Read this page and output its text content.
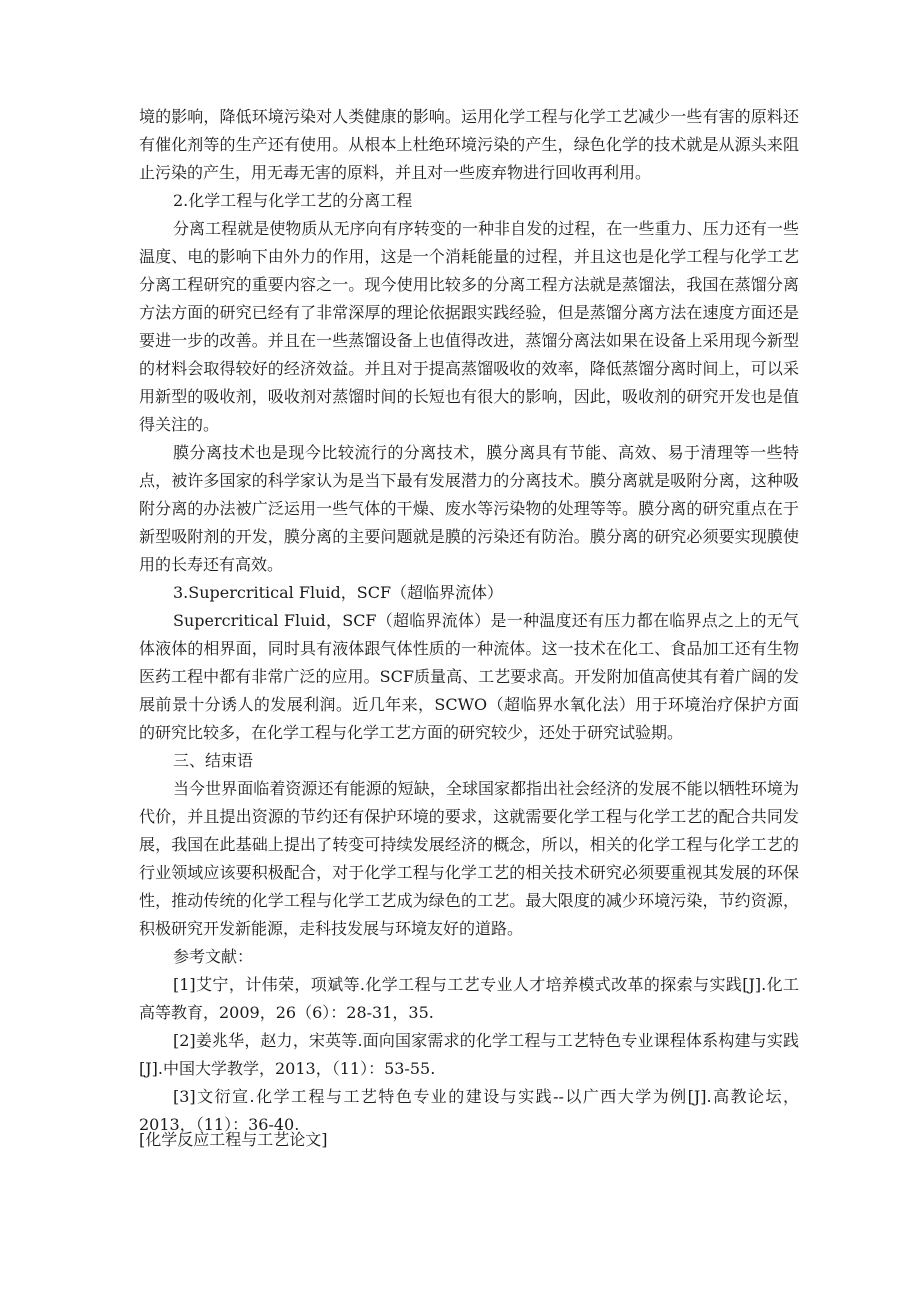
境的影响，降低环境污染对人类健康的影响。运用化学工程与化学工艺减少一些有害的原料还有催化剂等的生产还有使用。从根本上杜绝环境污染的产生，绿色化学的技术就是从源头来阻止污染的产生，用无毒无害的原料，并且对一些废弃物进行回收再利用。

2.化学工程与化学工艺的分离工程

分离工程就是使物质从无序向有序转变的一种非自发的过程，在一些重力、压力还有一些温度、电的影响下由外力的作用，这是一个消耗能量的过程，并且这也是化学工程与化学工艺分离工程研究的重要内容之一。现今使用比较多的分离工程方法就是蒸馏法，我国在蒸馏分离方法方面的研究已经有了非常深厚的理论依据跟实践经验，但是蒸馏分离方法在速度方面还是要进一步的改善。并且在一些蒸馏设备上也值得改进，蒸馏分离法如果在设备上采用现今新型的材料会取得较好的经济效益。并且对于提高蒸馏吸收的效率，降低蒸馏分离时间上，可以采用新型的吸收剂，吸收剂对蒸馏时间的长短也有很大的影响，因此，吸收剂的研究开发也是值得关注的。

膜分离技术也是现今比较流行的分离技术，膜分离具有节能、高效、易于清理等一些特点，被许多国家的科学家认为是当下最有发展潜力的分离技术。膜分离就是吸附分离，这种吸附分离的办法被广泛运用一些气体的干燥、废水等污染物的处理等等。膜分离的研究重点在于新型吸附剂的开发，膜分离的主要问题就是膜的污染还有防治。膜分离的研究必须要实现膜使用的长寿还有高效。

3.Supercritical Fluid，SCF（超临界流体）

Supercritical Fluid，SCF（超临界流体）是一种温度还有压力都在临界点之上的无气体液体的相界面，同时具有液体跟气体性质的一种流体。这一技术在化工、食品加工还有生物医药工程中都有非常广泛的应用。SCF质量高、工艺要求高。开发附加值高使其有着广阔的发展前景十分诱人的发展利润。近几年来，SCWO（超临界水氧化法）用于环境治疗保护方面的研究比较多，在化学工程与化学工艺方面的研究较少，还处于研究试验期。

三、结束语

当今世界面临着资源还有能源的短缺，全球国家都指出社会经济的发展不能以牺牲环境为代价，并且提出资源的节约还有保护环境的要求，这就需要化学工程与化学工艺的配合共同发展，我国在此基础上提出了转变可持续发展经济的概念，所以，相关的化学工程与化学工艺的行业领域应该要积极配合，对于化学工程与化学工艺的相关技术研究必须要重视其发展的环保性，推动传统的化学工程与化学工艺成为绿色的工艺。最大限度的减少环境污染，节约资源，积极研究开发新能源，走科技发展与环境友好的道路。

参考文献：

[1]艾宁，计伟荣，项斌等.化学工程与工艺专业人才培养模式改革的探索与实践[J].化工高等教育，2009，26（6）：28-31，35.

[2]姜兆华，赵力，宋英等.面向国家需求的化学工程与工艺特色专业课程体系构建与实践[J].中国大学教学，2013，（11）：53-55.

[3]文衍宣.化学工程与工艺特色专业的建设与实践--以广西大学为例[J].高教论坛，2013，（11）：36-40.

[化学反应工程与工艺论文]
